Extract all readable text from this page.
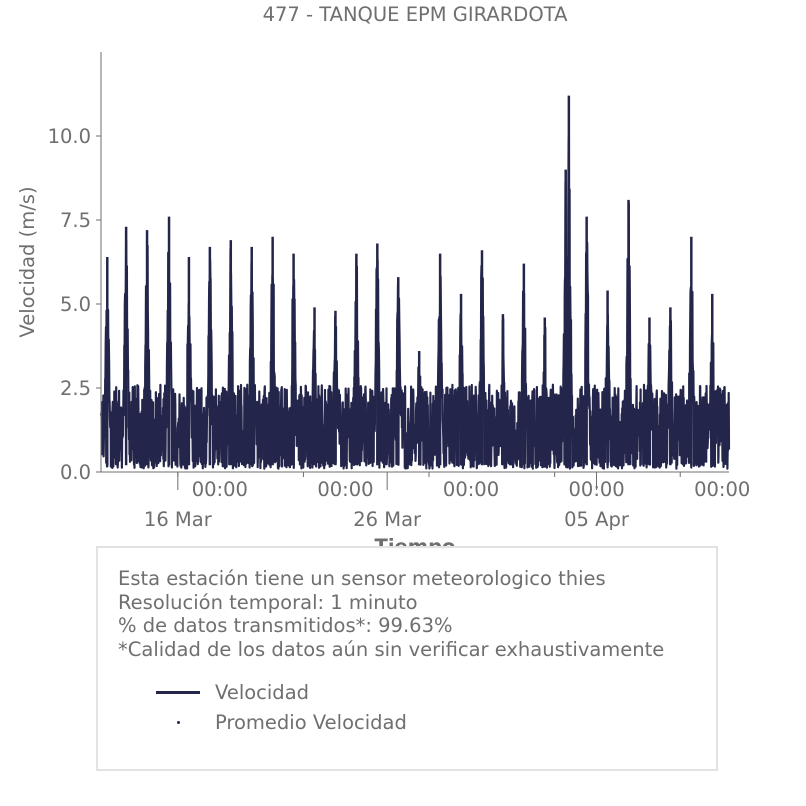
477 - TANQUE EPM GIRARDOTA
Velocidad (m/s)
0.0
2.5
5.0
7.5
10.0
00:00	00:00	00:00	00:00	00:00
16 Mar	26 Mar	05 Apr
Esta estación tiene un sensor meteorologico thies
Resolución temporal: 1 minuto
% de datos transmitidos*: 99.63%
*Calidad de los datos aún sin verificar exhaustivamente
Velocidad
Promedio Velocidad
